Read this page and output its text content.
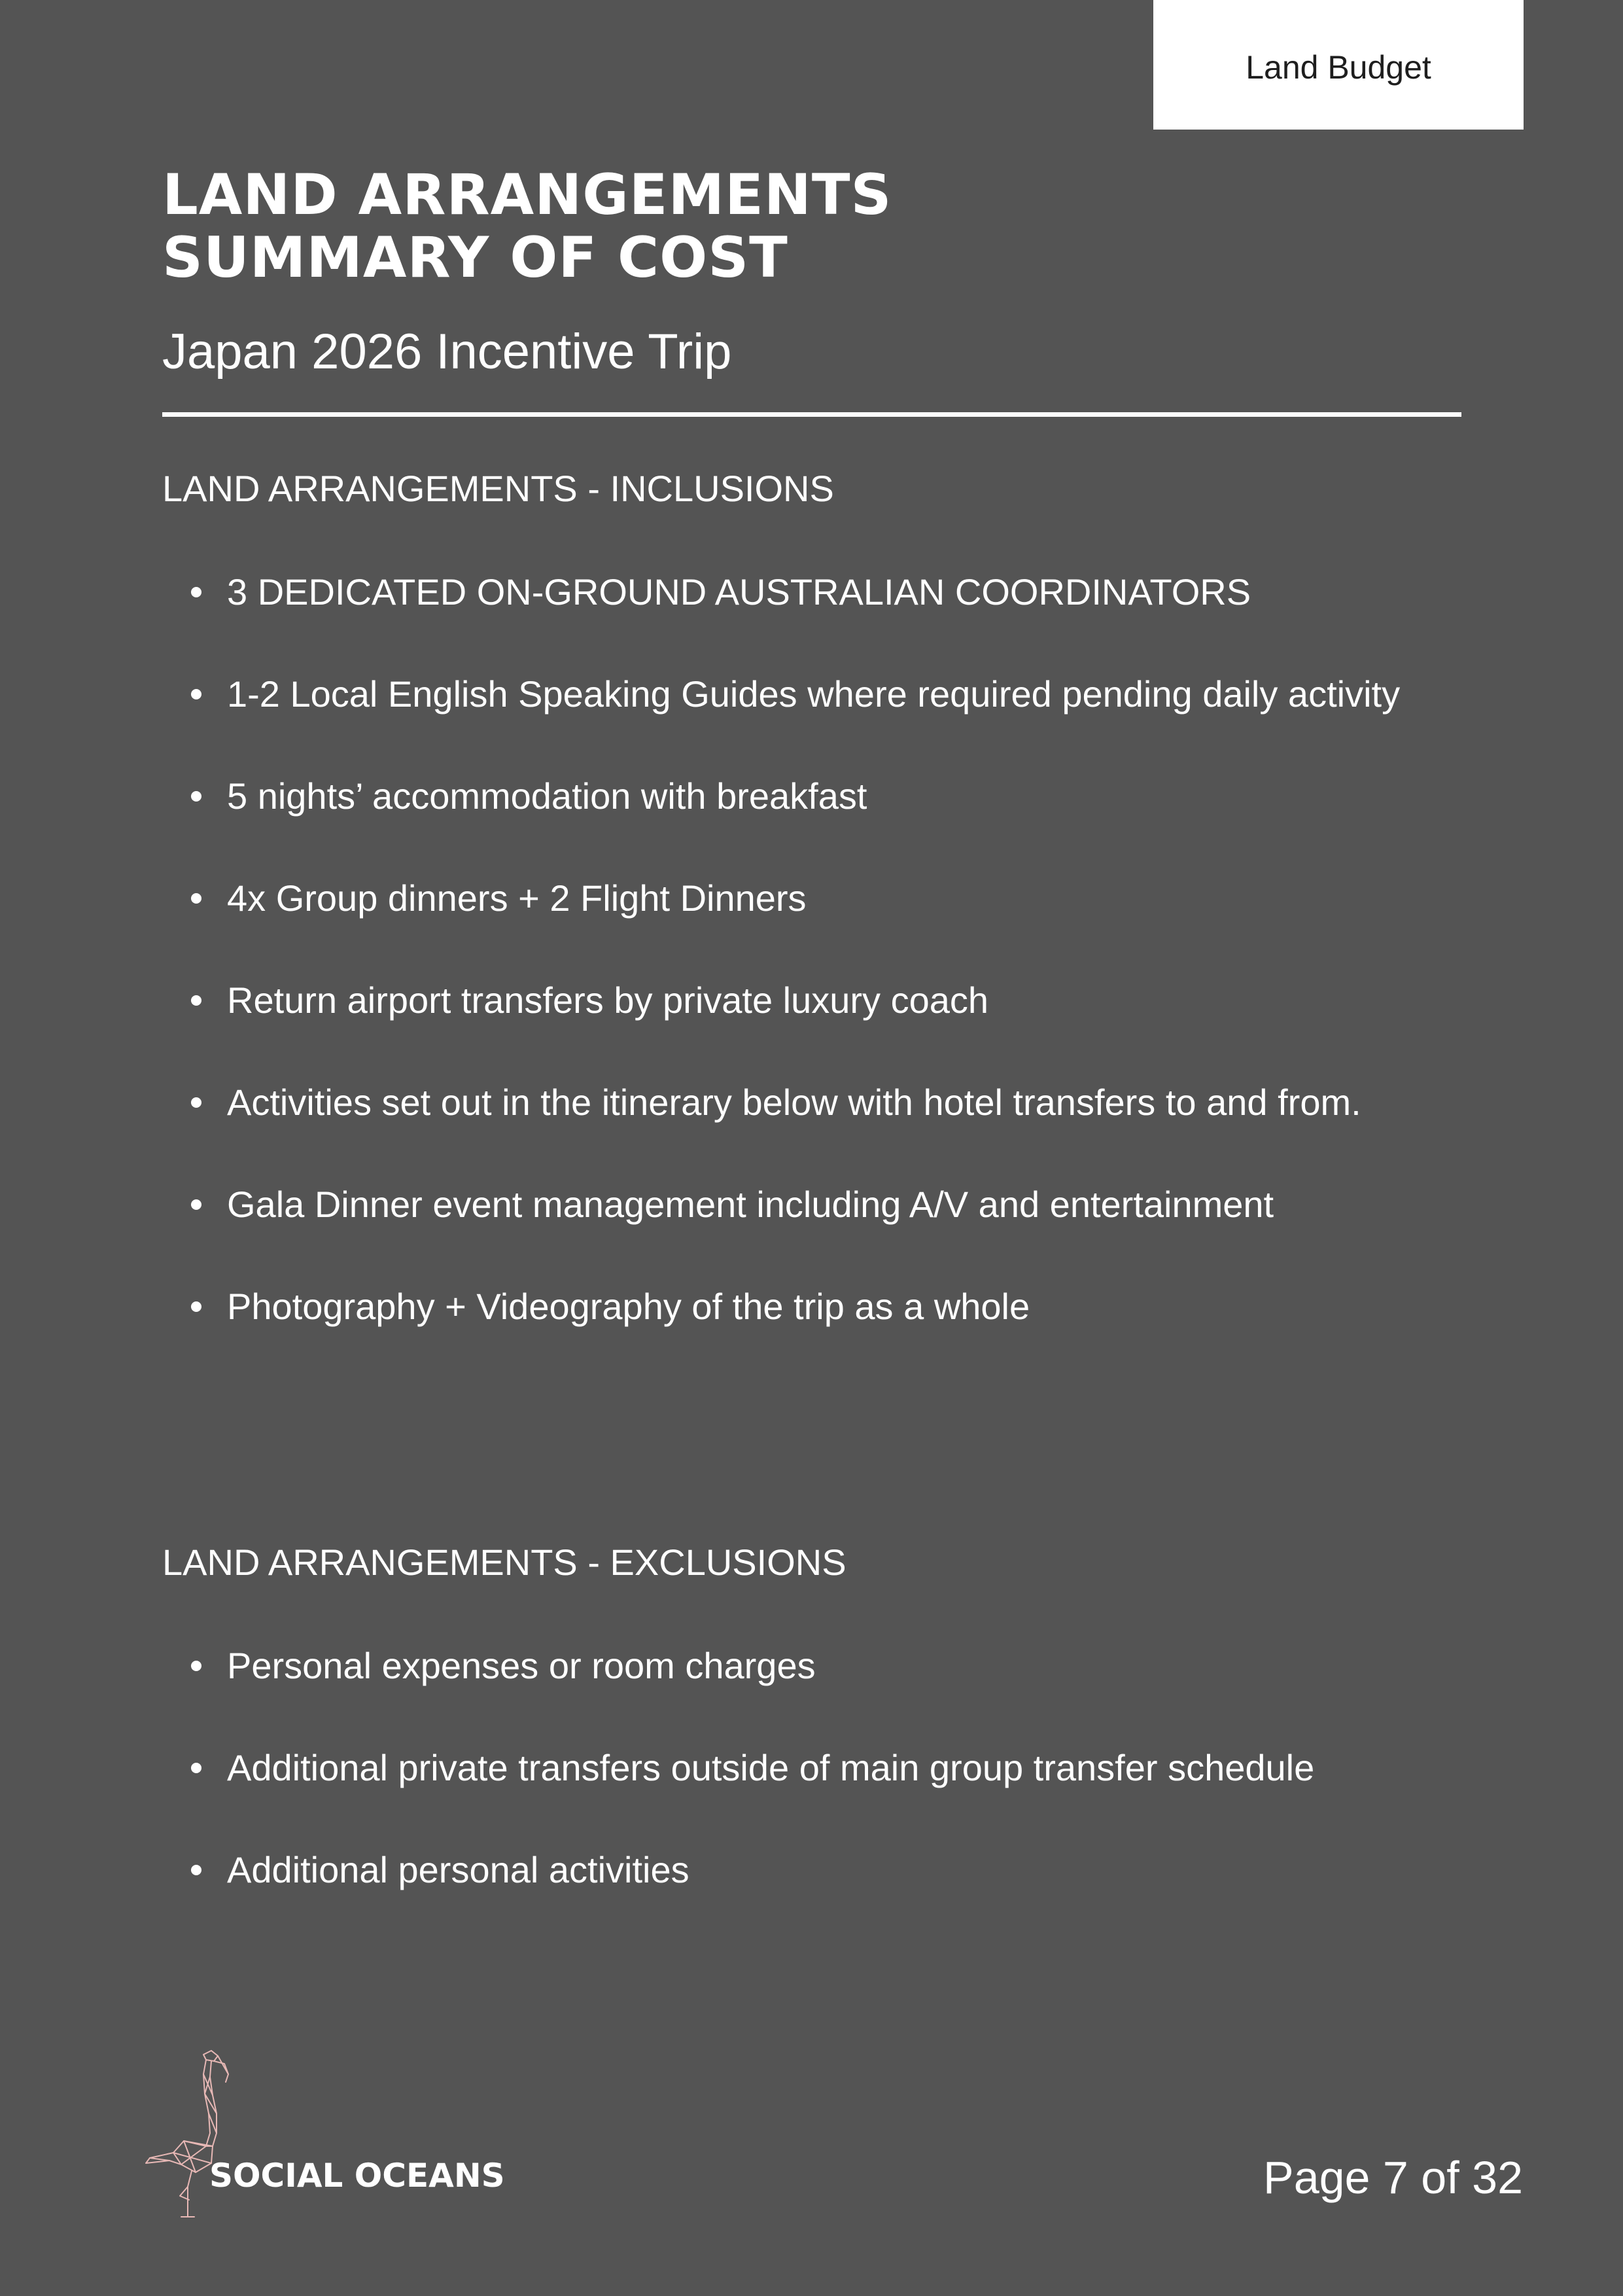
Land Budget
LAND ARRANGEMENTS
SUMMARY OF COST
Japan 2026 Incentive Trip
LAND ARRANGEMENTS - INCLUSIONS
3 DEDICATED ON-GROUND AUSTRALIAN COORDINATORS
1-2 Local English Speaking Guides where required pending daily activity
5 nights’ accommodation with breakfast
4x Group dinners + 2 Flight Dinners
Return airport transfers by private luxury coach
Activities set out in the itinerary below with hotel transfers to and from.
Gala Dinner event management including A/V and entertainment
Photography + Videography of the trip as a whole
LAND ARRANGEMENTS - EXCLUSIONS
Personal expenses or room charges
Additional private transfers outside of main group transfer schedule
Additional personal activities
SOCIAL OCEANS	Page 7 of 32
